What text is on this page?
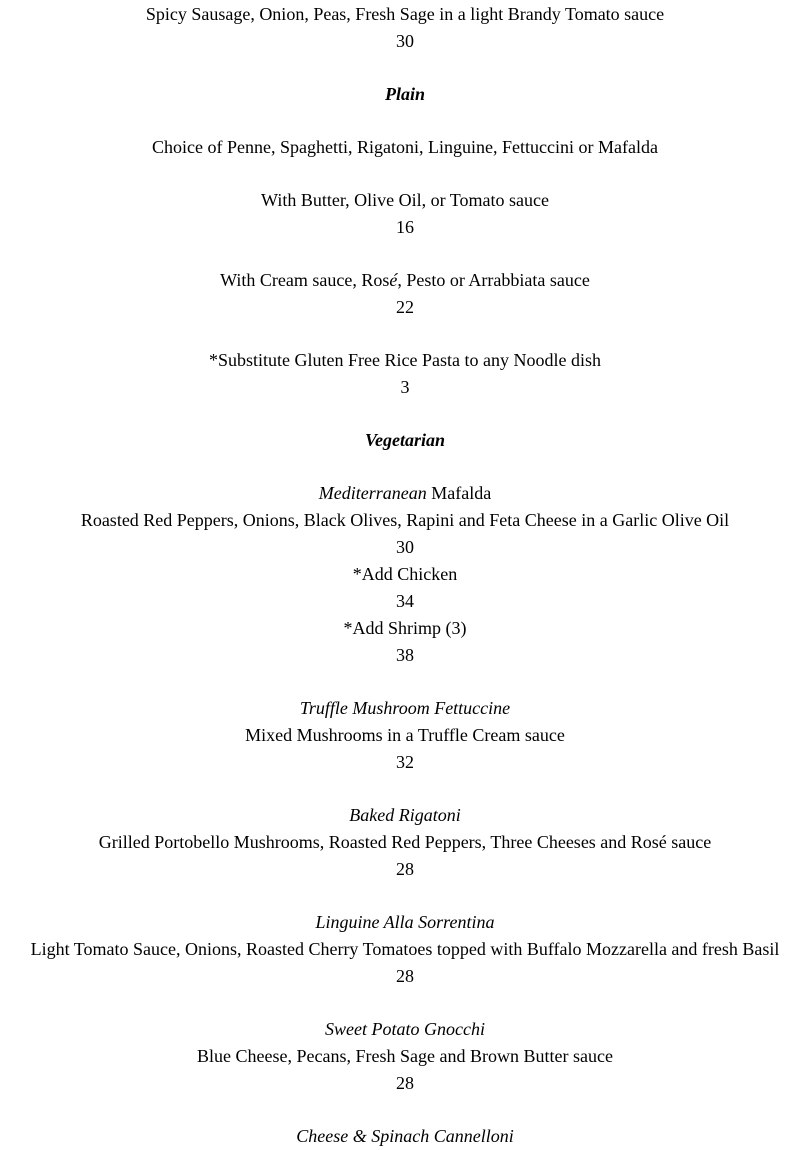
Spicy Sausage, Onion, Peas, Fresh Sage in a light Brandy Tomato sauce
30
Plain
Choice of Penne, Spaghetti, Rigatoni, Linguine, Fettuccini or Mafalda
With Butter, Olive Oil, or Tomato sauce
16
With Cream sauce, Rosé, Pesto or Arrabbiata sauce
22
*Substitute Gluten Free Rice Pasta to any Noodle dish
3
Vegetarian
Mediterranean Mafalda
Roasted Red Peppers, Onions, Black Olives, Rapini and Feta Cheese in a Garlic Olive Oil
30
*Add Chicken
34
*Add Shrimp (3)
38
Truffle Mushroom Fettuccine
Mixed Mushrooms in a Truffle Cream sauce
32
Baked Rigatoni
Grilled Portobello Mushrooms, Roasted Red Peppers, Three Cheeses and Rosé sauce
28
Linguine Alla Sorrentina
Light Tomato Sauce, Onions, Roasted Cherry Tomatoes topped with Buffalo Mozzarella and fresh Basil
28
Sweet Potato Gnocchi
Blue Cheese, Pecans, Fresh Sage and Brown Butter sauce
28
Cheese & Spinach Cannelloni
